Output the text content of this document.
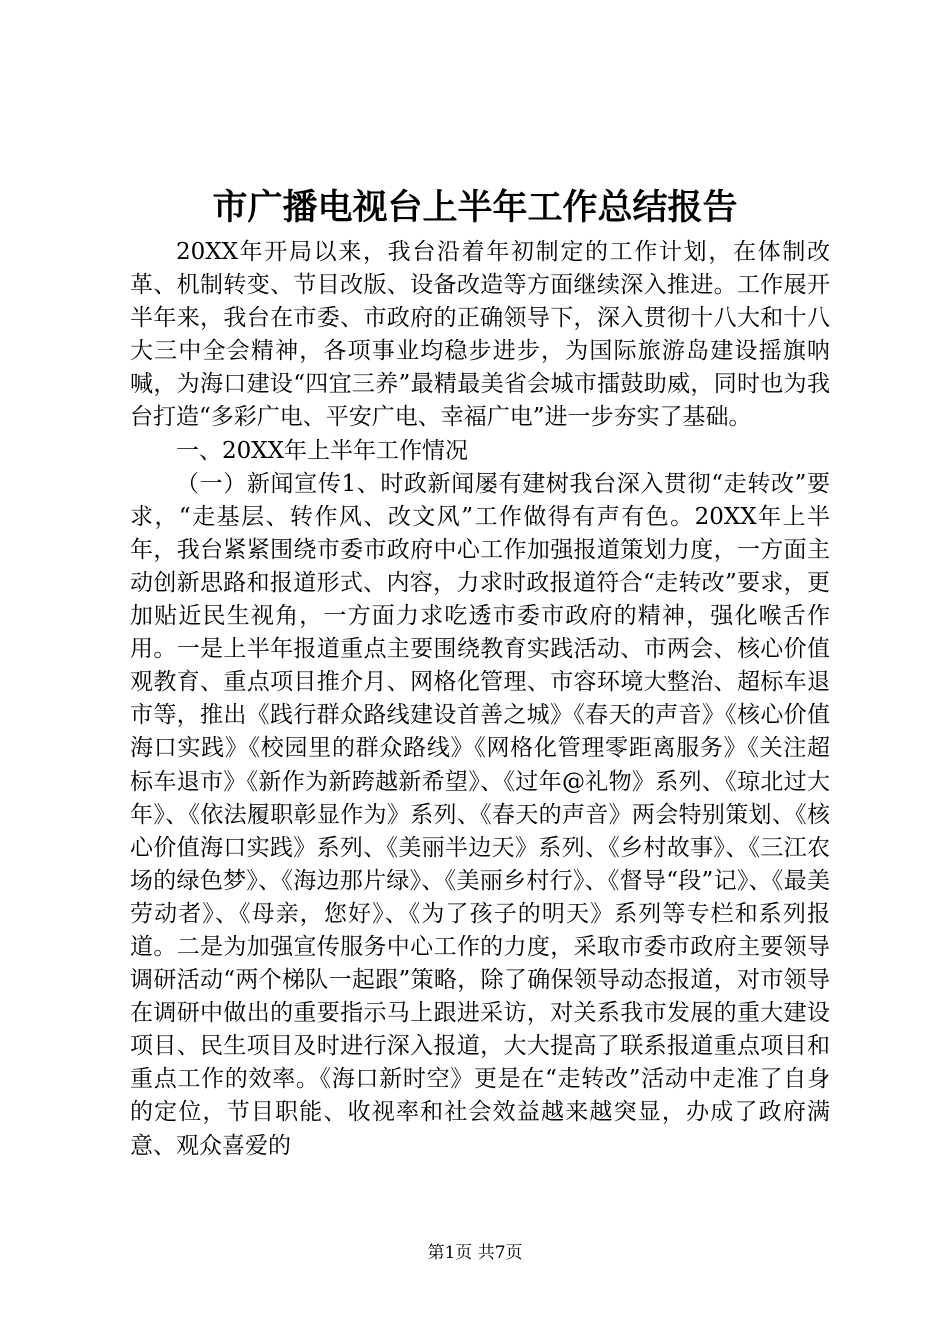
市广播电视台上半年工作总结报告

20XX年开局以来，我台沿着年初制定的工作计划，在体制改革、机制转变、节目改版、设备改造等方面继续深入推进。工作展开半年来，我台在市委、市政府的正确领导下，深入贯彻十八大和十八大三中全会精神，各项事业均稳步进步，为国际旅游岛建设摇旗呐喊，为海口建设“四宜三养”最精最美省会城市擂鼓助威，同时也为我台打造“多彩广电、平安广电、幸福广电”进一步夯实了基础。

一、20XX年上半年工作情况

（一）新闻宣传1、时政新闻屡有建树我台深入贯彻“走转改”要求，“走基层、转作风、改文风”工作做得有声有色。20XX年上半年，我台紧紧围绕市委市政府中心工作加强报道策划力度，一方面主动创新思路和报道形式、内容，力求时政报道符合“走转改”要求，更加贴近民生视角，一方面力求吃透市委市政府的精神，强化喉舌作用。一是上半年报道重点主要围绕教育实践活动、市两会、核心价值观教育、重点项目推介月、网格化管理、市容环境大整治、超标车退市等，推出《践行群众路线建设首善之城》《春天的声音》《核心价值海口实践》《校园里的群众路线》《网格化管理零距离服务》《关注超标车退市》《新作为新跨越新希望》、《过年@礼物》系列、《琼北过大年》、《依法履职彰显作为》系列、《春天的声音》两会特别策划、《核心价值海口实践》系列、《美丽半边天》系列、《乡村故事》、《三江农场的绿色梦》、《海边那片绿》、《美丽乡村行》、《督导“段”记》、《最美劳动者》、《母亲，您好》、《为了孩子的明天》系列等专栏和系列报道。二是为加强宣传服务中心工作的力度，采取市委市政府主要领导调研活动“两个梯队一起跟”策略，除了确保领导动态报道，对市领导在调研中做出的重要指示马上跟进采访，对关系我市发展的重大建设项目、民生项目及时进行深入报道，大大提高了联系报道重点项目和重点工作的效率。《海口新时空》更是在“走转改”活动中走准了自身的定位，节目职能、收视率和社会效益越来越突显，办成了政府满意、观众喜爱的

第1页 共7页
